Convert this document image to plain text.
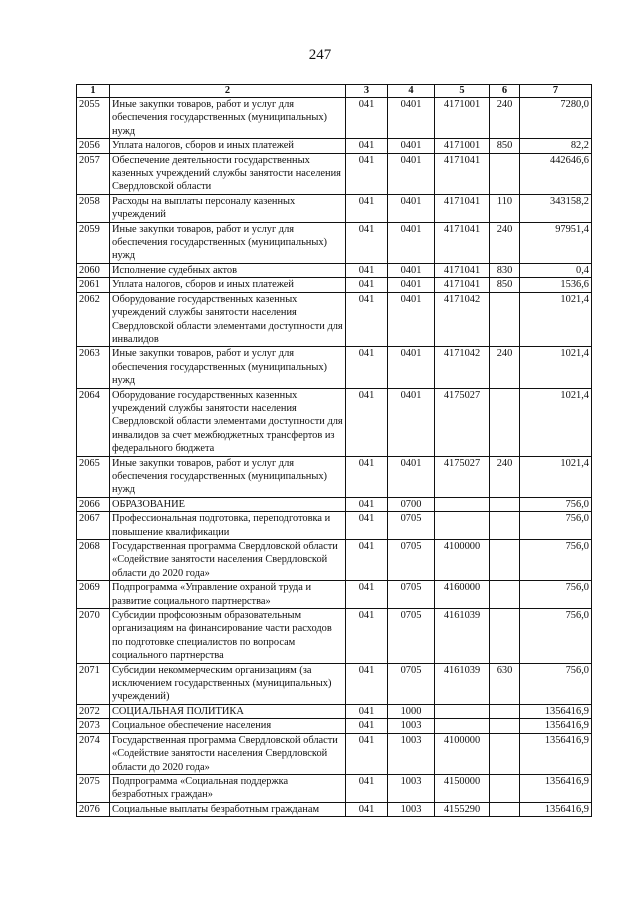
247
1	2	3	4	5	6	7
2055	Иные закупки товаров, работ и услуг для обеспечения государственных (муниципальных) нужд	041	0401	4171001	240	7280,0
2056	Уплата налогов, сборов и иных платежей	041	0401	4171001	850	82,2
2057	Обеспечение деятельности государственных казенных учреждений службы занятости населения Свердловской области	041	0401	4171041		442646,6
2058	Расходы на выплаты персоналу казенных учреждений	041	0401	4171041	110	343158,2
2059	Иные закупки товаров, работ и услуг для обеспечения государственных (муниципальных) нужд	041	0401	4171041	240	97951,4
2060	Исполнение судебных актов	041	0401	4171041	830	0,4
2061	Уплата налогов, сборов и иных платежей	041	0401	4171041	850	1536,6
2062	Оборудование государственных казенных учреждений службы занятости населения Свердловской области элементами доступности для инвалидов	041	0401	4171042		1021,4
2063	Иные закупки товаров, работ и услуг для обеспечения государственных (муниципальных) нужд	041	0401	4171042	240	1021,4
2064	Оборудование государственных казенных учреждений службы занятости населения Свердловской области элементами доступности для инвалидов за счет межбюджетных трансфертов из федерального бюджета	041	0401	4175027		1021,4
2065	Иные закупки товаров, работ и услуг для обеспечения государственных (муниципальных) нужд	041	0401	4175027	240	1021,4
2066	ОБРАЗОВАНИЕ	041	0700			756,0
2067	Профессиональная подготовка, переподготовка и повышение квалификации	041	0705			756,0
2068	Государственная программа Свердловской области «Содействие занятости населения Свердловской области до 2020 года»	041	0705	4100000		756,0
2069	Подпрограмма «Управление охраной труда и развитие социального партнерства»	041	0705	4160000		756,0
2070	Субсидии профсоюзным образовательным организациям на финансирование части расходов по подготовке специалистов по вопросам социального партнерства	041	0705	4161039		756,0
2071	Субсидии некоммерческим организациям (за исключением государственных (муниципальных) учреждений)	041	0705	4161039	630	756,0
2072	СОЦИАЛЬНАЯ ПОЛИТИКА	041	1000			1356416,9
2073	Социальное обеспечение населения	041	1003			1356416,9
2074	Государственная программа Свердловской области «Содействие занятости населения Свердловской области до 2020 года»	041	1003	4100000		1356416,9
2075	Подпрограмма «Социальная поддержка безработных граждан»	041	1003	4150000		1356416,9
2076	Социальные выплаты безработным гражданам	041	1003	4155290		1356416,9
